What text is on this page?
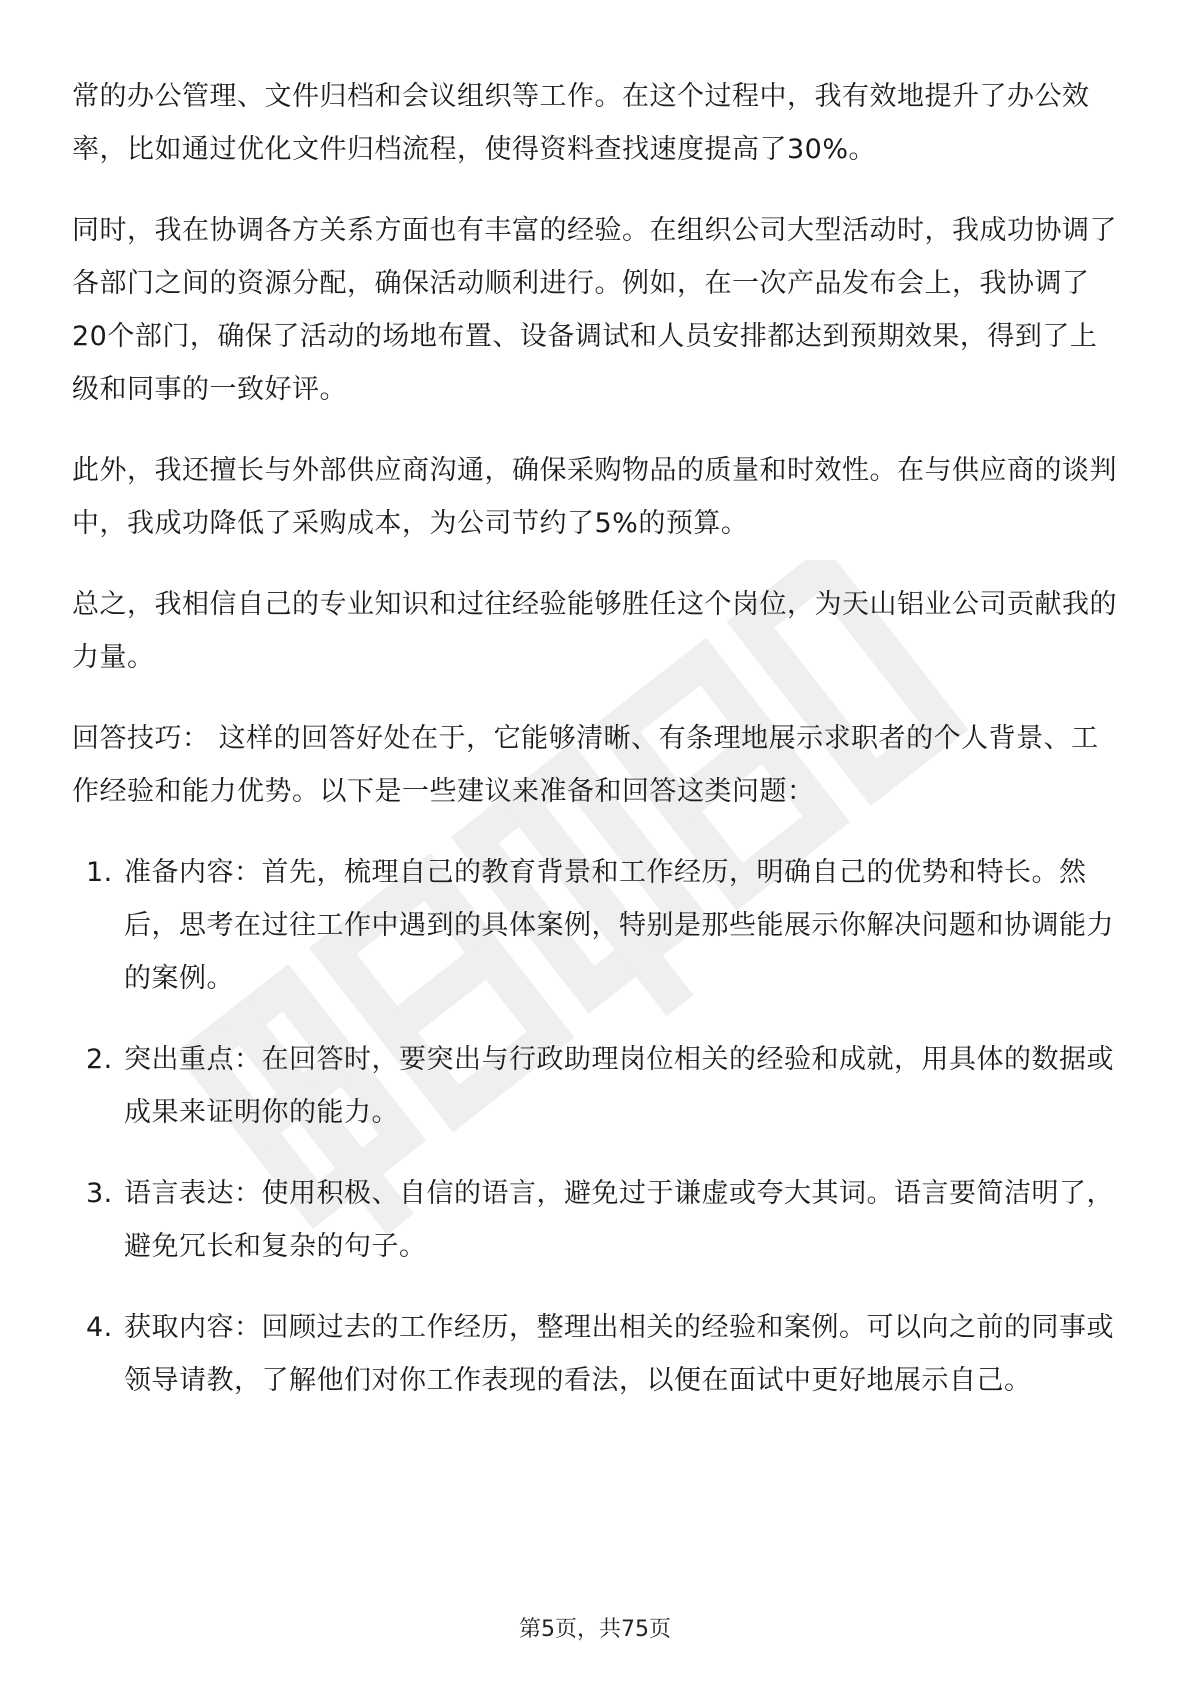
常的办公管理、文件归档和会议组织等工作。在这个过程中，我有效地提升了办公效率，比如通过优化文件归档流程，使得资料查找速度提高了30%。

同时，我在协调各方关系方面也有丰富的经验。在组织公司大型活动时，我成功协调了各部门之间的资源分配，确保活动顺利进行。例如，在一次产品发布会上，我协调了20个部门，确保了活动的场地布置、设备调试和人员安排都达到预期效果，得到了上级和同事的一致好评。

此外，我还擅长与外部供应商沟通，确保采购物品的质量和时效性。在与供应商的谈判中，我成功降低了采购成本，为公司节约了5%的预算。

总之，我相信自己的专业知识和过往经验能够胜任这个岗位，为天山铝业公司贡献我的力量。

回答技巧： 这样的回答好处在于，它能够清晰、有条理地展示求职者的个人背景、工作经验和能力优势。以下是一些建议来准备和回答这类问题：

1. 准备内容：首先，梳理自己的教育背景和工作经历，明确自己的优势和特长。然后，思考在过往工作中遇到的具体案例，特别是那些能展示你解决问题和协调能力的案例。
2. 突出重点：在回答时，要突出与行政助理岗位相关的经验和成就，用具体的数据或成果来证明你的能力。
3. 语言表达：使用积极、自信的语言，避免过于谦虚或夸大其词。语言要简洁明了，避免冗长和复杂的句子。
4. 获取内容：回顾过去的工作经历，整理出相关的经验和案例。可以向之前的同事或领导请教，了解他们对你工作表现的看法，以便在面试中更好地展示自己。
第5页，共75页
